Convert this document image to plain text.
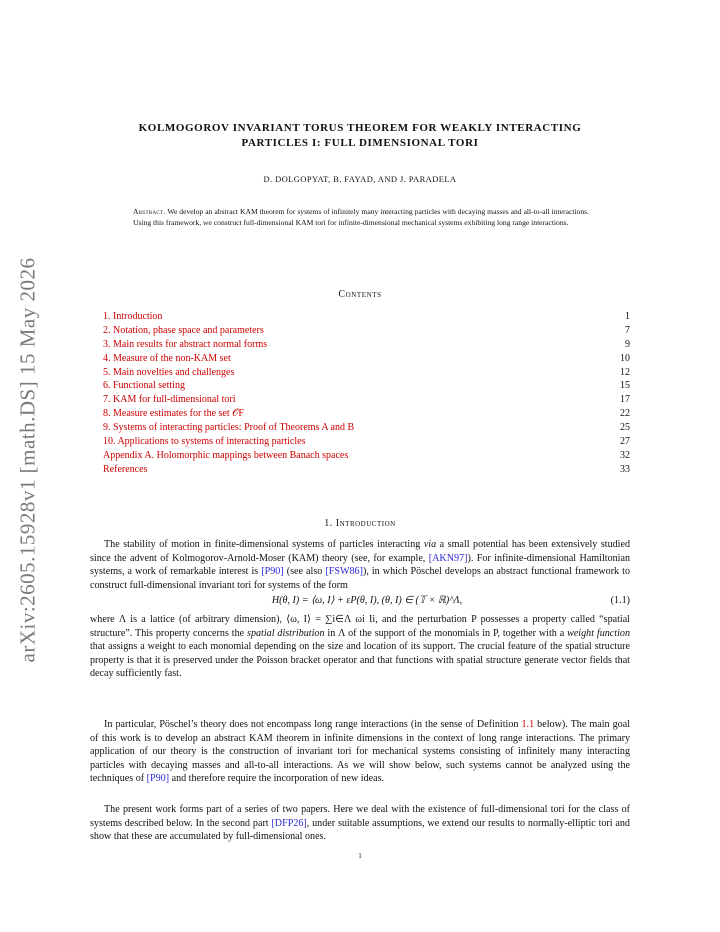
arXiv:2605.15928v1 [math.DS] 15 May 2026
KOLMOGOROV INVARIANT TORUS THEOREM FOR WEAKLY INTERACTING
PARTICLES I: FULL DIMENSIONAL TORI
D. DOLGOPYAT, B. FAYAD, AND J. PARADELA
Abstract. We develop an abstract KAM theorem for systems of infinitely many interacting particles with decaying masses and all-to-all interactions. Using this framework, we construct full-dimensional KAM tori for infinite-dimensional mechanical systems exhibiting long range interactions.
Contents
1. Introduction	1
2. Notation, phase space and parameters	7
3. Main results for abstract normal forms	9
4. Measure of the non-KAM set	10
5. Main novelties and challenges	12
6. Functional setting	15
7. KAM for full-dimensional tori	17
8. Measure estimates for the set 𝒪F	22
9. Systems of interacting particles: Proof of Theorems A and B	25
10. Applications to systems of interacting particles	27
Appendix A. Holomorphic mappings between Banach spaces	32
References	33
1. Introduction
The stability of motion in finite-dimensional systems of particles interacting via a small potential has been extensively studied since the advent of Kolmogorov-Arnold-Moser (KAM) theory (see, for example, [AKN97]). For infinite-dimensional Hamiltonian systems, a work of remarkable interest is [P90] (see also [FSW86]), in which Pöschel develops an abstract functional framework to construct full-dimensional invariant tori for systems of the form
H(θ, I) = ⟨ω, I⟩ + εP(θ, I), (θ, I) ∈ (𝕋 × ℝ)^Λ,	(1.1)
where Λ is a lattice (of arbitrary dimension), ⟨ω, I⟩ = ∑i∈Λ ωi Ii, and the perturbation P possesses a property called “spatial structure”. This property concerns the spatial distribution in Λ of the support of the monomials in P, together with a weight function that assigns a weight to each monomial depending on the size and location of its support. The crucial feature of the spatial structure property is that it is preserved under the Poisson bracket operator and that functions with spatial structure generate vector fields that decay sufficiently fast.
In particular, Pöschel’s theory does not encompass long range interactions (in the sense of Definition 1.1 below). The main goal of this work is to develop an abstract KAM theorem in infinite dimensions in the context of long range interactions. The primary application of our theory is the construction of invariant tori for mechanical systems consisting of infinitely many interacting particles with decaying masses and all-to-all interactions. As we will show below, such systems cannot be analyzed using the techniques of [P90] and therefore require the incorporation of new ideas.
The present work forms part of a series of two papers. Here we deal with the existence of full-dimensional tori for the class of systems described below. In the second part [DFP26], under suitable assumptions, we extend our results to normally-elliptic tori and show that these are accumulated by full-dimensional ones.
1
